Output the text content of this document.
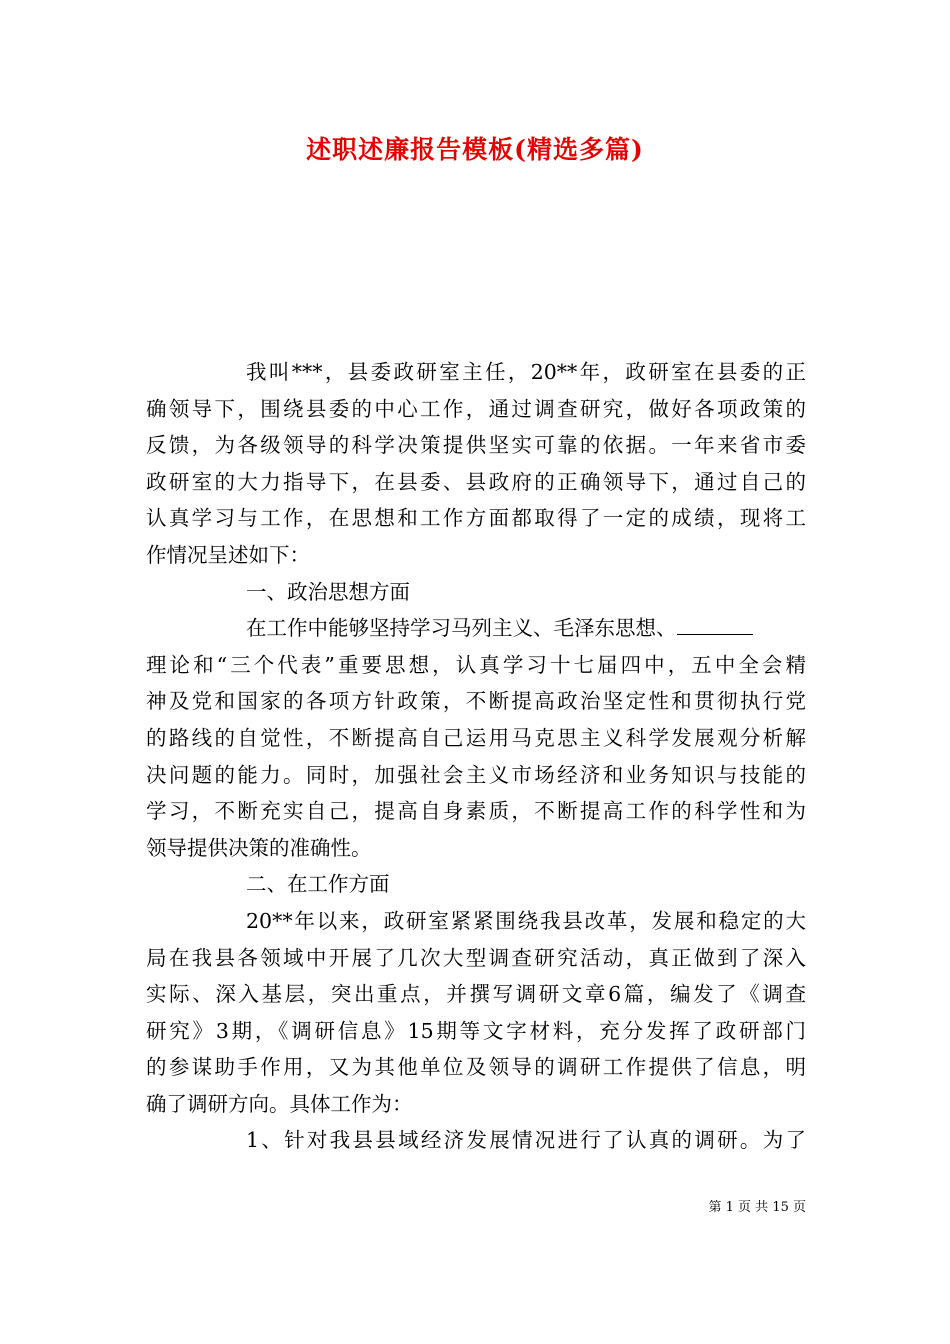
述职述廉报告模板(精选多篇)
我叫***，县委政研室主任，20**年，政研室在县委的正
确领导下，围绕县委的中心工作，通过调查研究，做好各项政策的
反馈，为各级领导的科学决策提供坚实可靠的依据。一年来省市委
政研室的大力指导下，在县委、县政府的正确领导下，通过自己的
认真学习与工作，在思想和工作方面都取得了一定的成绩，现将工
作情况呈述如下：
一、政治思想方面
在工作中能够坚持学习马列主义、毛泽东思想、
理论和“三个代表”重要思想，认真学习十七届四中，五中全会精
神及党和国家的各项方针政策，不断提高政治坚定性和贯彻执行党
的路线的自觉性，不断提高自己运用马克思主义科学发展观分析解
决问题的能力。同时，加强社会主义市场经济和业务知识与技能的
学习，不断充实自己，提高自身素质，不断提高工作的科学性和为
领导提供决策的准确性。
二、在工作方面
20**年以来，政研室紧紧围绕我县改革，发展和稳定的大
局在我县各领域中开展了几次大型调查研究活动，真正做到了深入
实际、深入基层，突出重点，并撰写调研文章6篇，编发了《调查
研究》3期，《调研信息》15期等文字材料，充分发挥了政研部门
的参谋助手作用，又为其他单位及领导的调研工作提供了信息，明
确了调研方向。具体工作为：
1、针对我县县域经济发展情况进行了认真的调研。为了
第 1 页 共 15 页
